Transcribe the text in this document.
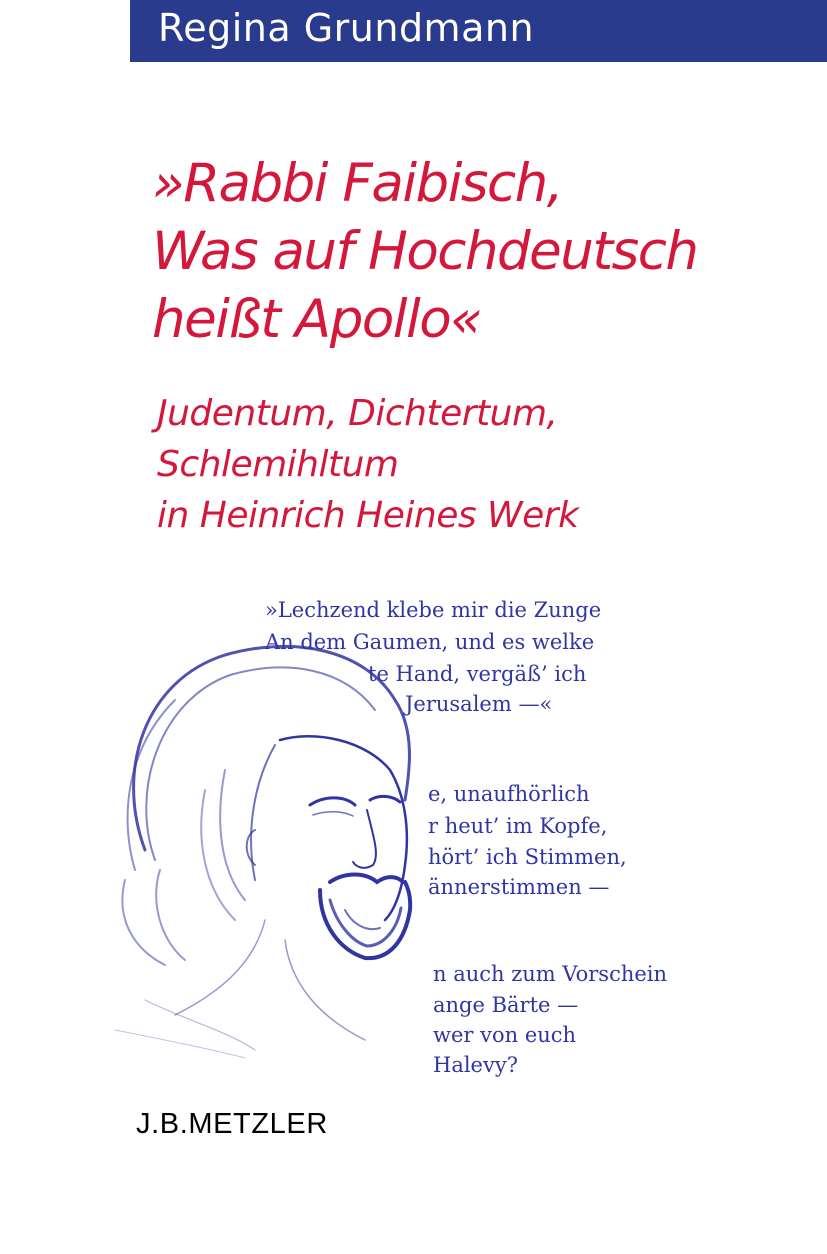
Regina Grundmann
»Rabbi Faibisch,
Was auf Hochdeutsch
heißt Apollo«
Judentum, Dichtertum,
Schlemihltum
in Heinrich Heines Werk
»Lechzend klebe mir die Zunge
An dem Gaumen, und es welke
te Hand, vergäß’ ich
Jerusalem —«
e, unaufhörlich
r heut’ im Kopfe,
hört’ ich Stimmen,
ännerstimmen —
n auch zum Vorschein
ange Bärte —
wer von euch
Halevy?
J.B.METZLER
